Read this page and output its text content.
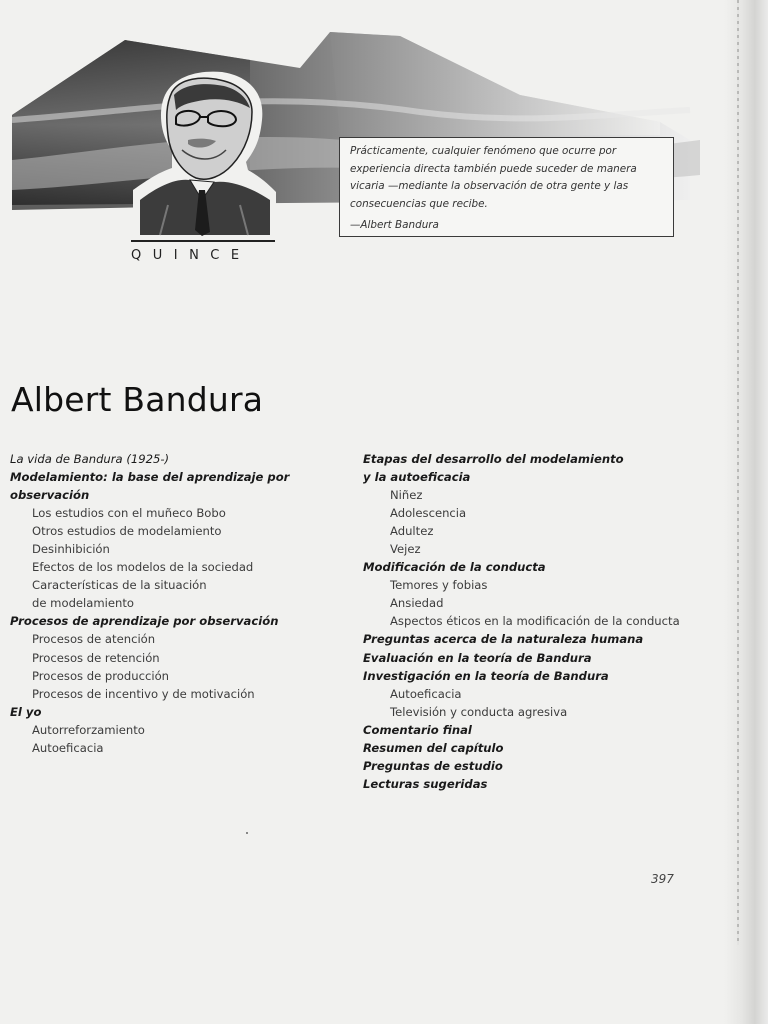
Prácticamente, cualquier fenómeno que ocurre por
experiencia directa también puede suceder de manera
vicaria —mediante la observación de otra gente y las
consecuencias que recibe.
—Albert Bandura
QUINCE
Albert Bandura
La vida de Bandura (1925-)
Modelamiento: la base del aprendizaje por
observación
Los estudios con el muñeco Bobo
Otros estudios de modelamiento
Desinhibición
Efectos de los modelos de la sociedad
Características de la situación
de modelamiento
Procesos de aprendizaje por observación
Procesos de atención
Procesos de retención
Procesos de producción
Procesos de incentivo y de motivación
El yo
Autorreforzamiento
Autoeficacia
Etapas del desarrollo del modelamiento
y la autoeficacia
Niñez
Adolescencia
Adultez
Vejez
Modificación de la conducta
Temores y fobias
Ansiedad
Aspectos éticos en la modificación de la conducta
Preguntas acerca de la naturaleza humana
Evaluación en la teoría de Bandura
Investigación en la teoría de Bandura
Autoeficacia
Televisión y conducta agresiva
Comentario final
Resumen del capítulo
Preguntas de estudio
Lecturas sugeridas
397
